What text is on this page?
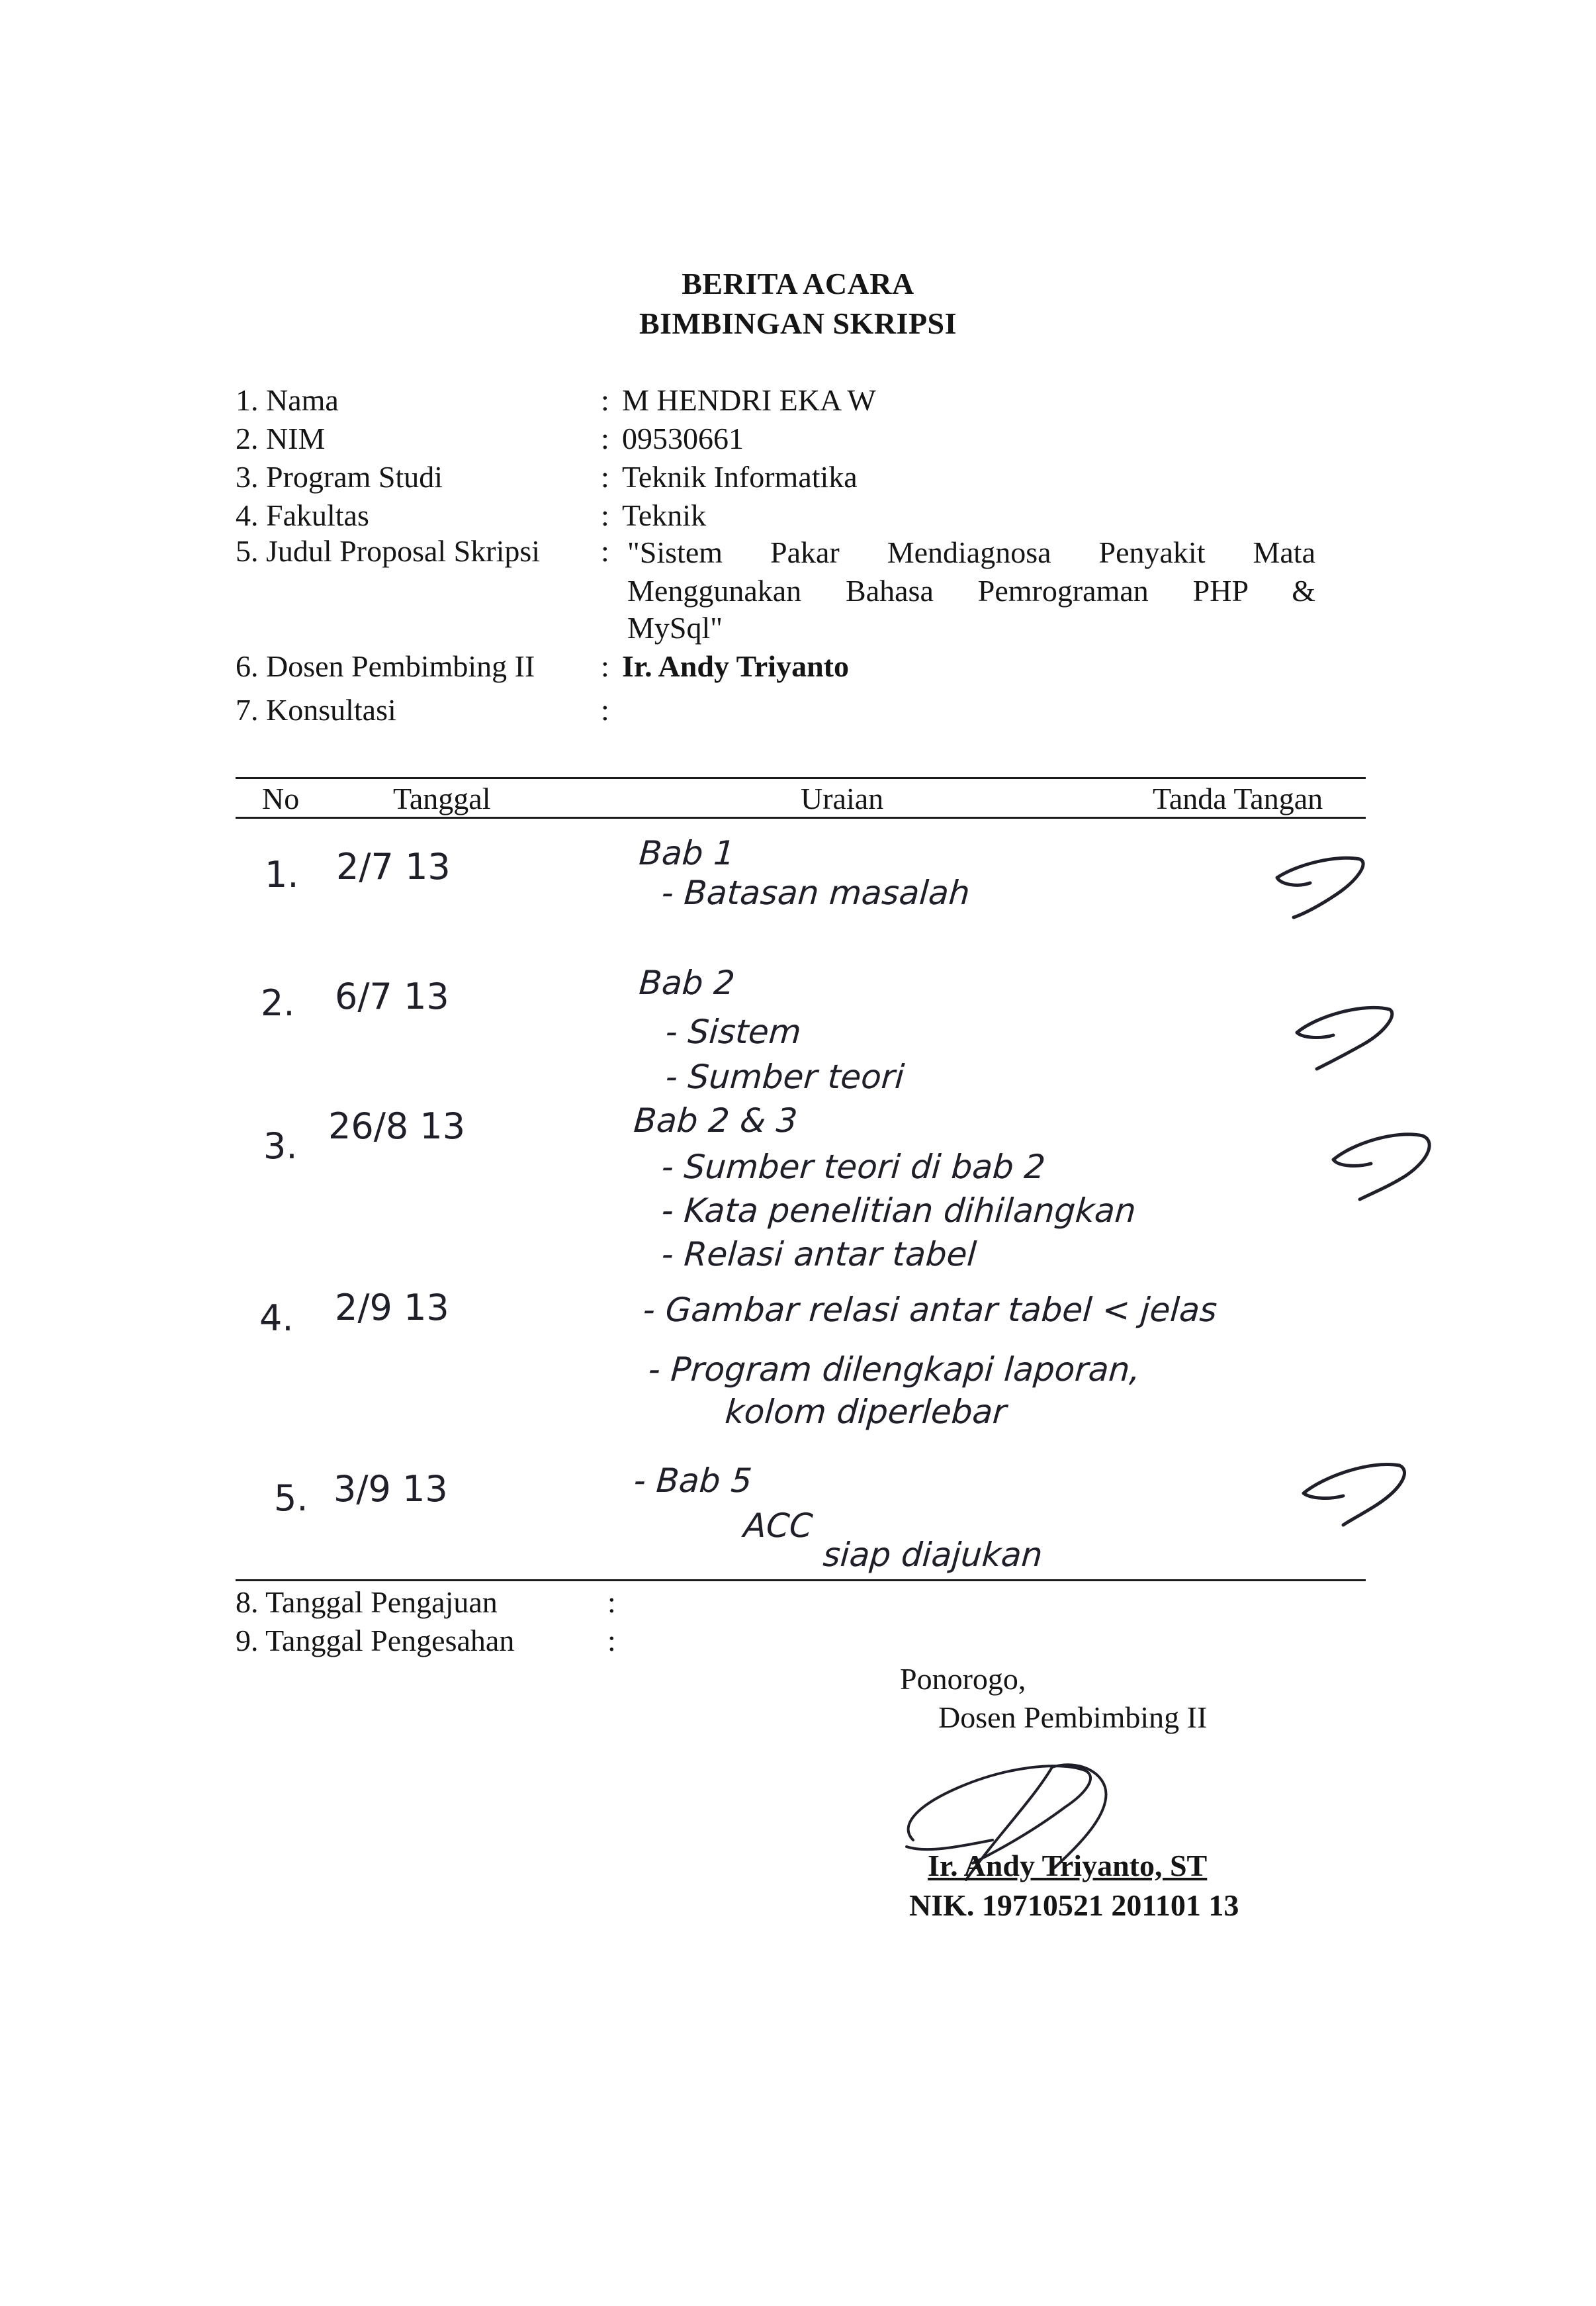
BERITA ACARA
BIMBINGAN SKRIPSI
1. Nama	: M HENDRI EKA W
2. NIM	: 09530661
3. Program Studi	: Teknik Informatika
4. Fakultas	: Teknik
5. Judul Proposal Skripsi : "Sistem Pakar Mendiagnosa Penyakit Mata
Menggunakan Bahasa Pemrograman PHP &
MySql"
6. Dosen Pembimbing II : Ir. Andy Triyanto
7. Konsultasi	:
No	Tanggal	Uraian	Tanda Tangan
1. 2/7 13	Bab 1
- Batasan masalah
2. 6/7 13	Bab 2
- Sistem
- Sumber teori
3. 26/8 13	Bab 2 & 3
- Sumber teori di bab 2
- Kata penelitian dihilangkan
- Relasi antar tabel
4. 2/9 13	- Gambar relasi antar tabel < jelas
- Program dilengkapi laporan,
kolom diperlebar
5. 3/9 13	- Bab 5
ACC
siap diajukan
8. Tanggal Pengajuan	:
9. Tanggal Pengesahan	:
Ponorogo,
Dosen Pembimbing II
Ir. Andy Triyanto, ST
NIK. 19710521 201101 13
